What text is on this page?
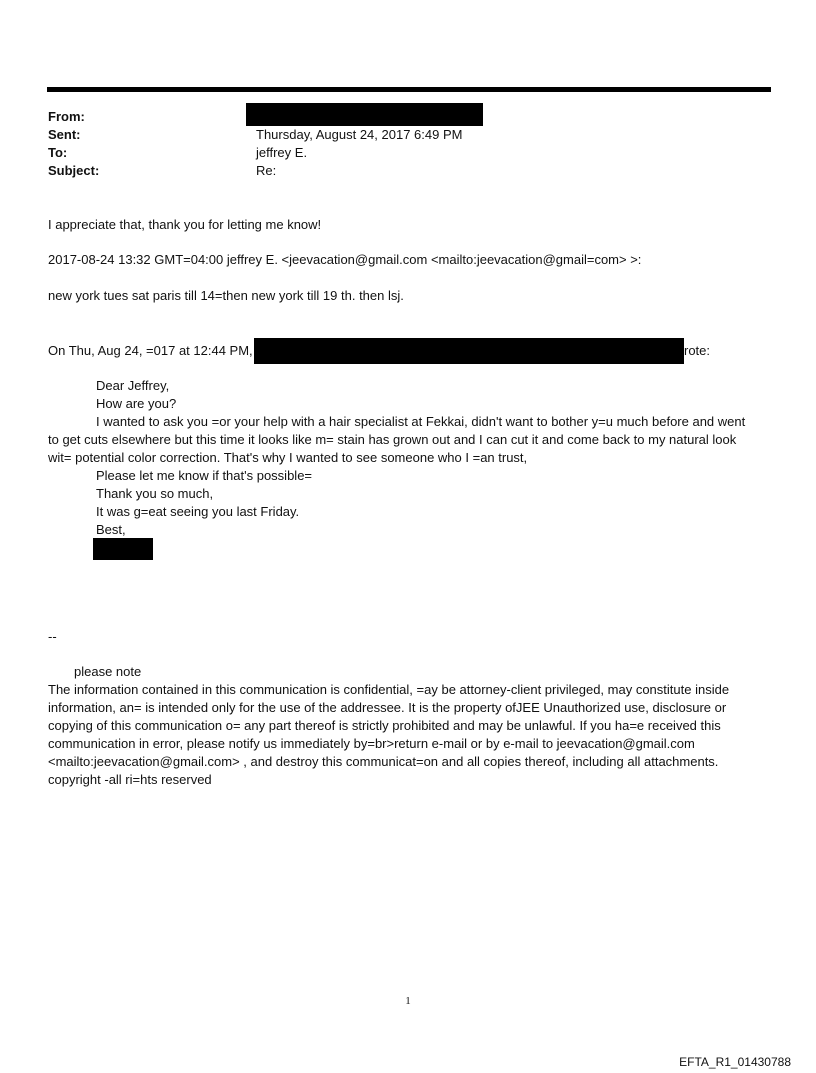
From:
Sent:	Thursday, August 24, 2017 6:49 PM
To:	jeffrey E.
Subject:	Re:
I appreciate that, thank you for letting me know!
2017-08-24 13:32 GMT=04:00 jeffrey E. <jeevacation@gmail.com <mailto:jeevacation@gmail=com> >:
new york tues sat paris till 14=then new york till 19 th. then lsj.
On Thu, Aug 24, =017 at 12:44 PM,	rote:
Dear Jeffrey,
How are you?
I wanted to ask you =or your help with a hair specialist at Fekkai, didn't want to bother y=u much before and went to get cuts elsewhere but this time it looks like m= stain has grown out and I can cut it and come back to my natural look wit= potential color correction. That's why I wanted to see someone who I =an trust,
Please let me know if that's possible=
Thank you so much,
It was g=eat seeing you last Friday.
Best,
--
please note
The information contained in this communication is confidential, =ay be attorney-client privileged, may constitute inside information, an= is intended only for the use of the addressee. It is the property ofJEE Unauthorized use, disclosure or copying of this communication o= any part thereof is strictly prohibited and may be unlawful. If you ha=e received this communication in error, please notify us immediately by=br>return e-mail or by e-mail to jeevacation@gmail.com <mailto:jeevacation@gmail.com> , and destroy this communicat=on and all copies thereof, including all attachments. copyright -all ri=hts reserved
1
EFTA_R1_01430788
